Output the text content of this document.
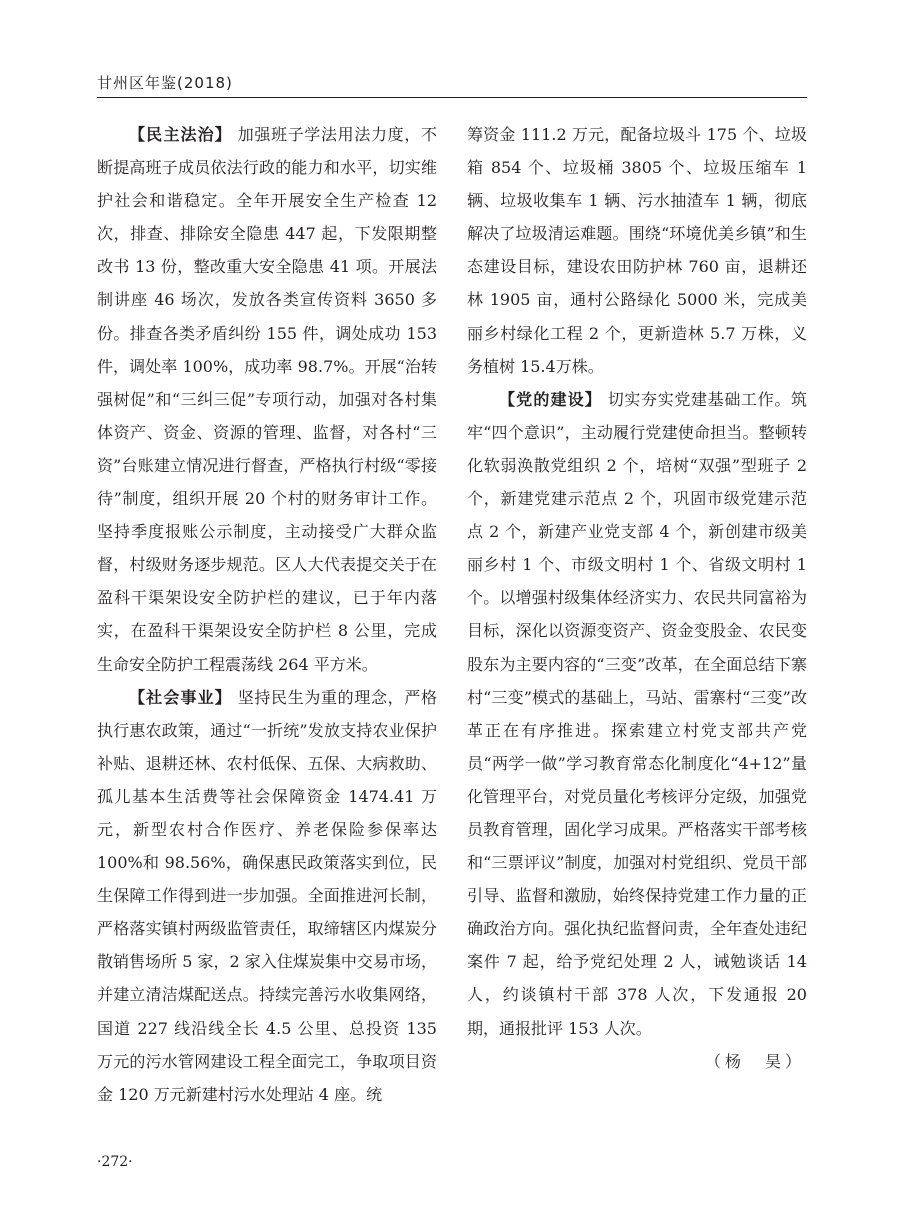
甘州区年鉴(2018)

【民主法治】 加强班子学法用法力度，不断提高班子成员依法行政的能力和水平，切实维护社会和谐稳定。全年开展安全生产检查 12 次，排查、排除安全隐患 447 起，下发限期整改书 13 份，整改重大安全隐患 41 项。开展法制讲座 46 场次，发放各类宣传资料 3650 多份。排查各类矛盾纠纷 155 件，调处成功 153 件，调处率 100%，成功率 98.7%。开展“治转强树促”和“三纠三促”专项行动，加强对各村集体资产、资金、资源的管理、监督，对各村“三资”台账建立情况进行督查，严格执行村级“零接待”制度，组织开展 20 个村的财务审计工作。坚持季度报账公示制度，主动接受广大群众监督，村级财务逐步规范。区人大代表提交关于在盈科干渠架设安全防护栏的建议，已于年内落实，在盈科干渠架设安全防护栏 8 公里，完成生命安全防护工程震荡线 264 平方米。

【社会事业】 坚持民生为重的理念，严格执行惠农政策，通过“一折统”发放支持农业保护补贴、退耕还林、农村低保、五保、大病救助、孤儿基本生活费等社会保障资金 1474.41 万元，新型农村合作医疗、养老保险参保率达 100%和 98.56%，确保惠民政策落实到位，民生保障工作得到进一步加强。全面推进河长制，严格落实镇村两级监管责任，取缔辖区内煤炭分散销售场所 5 家，2 家入住煤炭集中交易市场，并建立清洁煤配送点。持续完善污水收集网络，国道 227 线沿线全长 4.5 公里、总投资 135 万元的污水管网建设工程全面完工，争取项目资金 120 万元新建村污水处理站 4 座。统

筹资金 111.2 万元，配备垃圾斗 175 个、垃圾箱 854 个、垃圾桶 3805 个、垃圾压缩车 1 辆、垃圾收集车 1 辆、污水抽渣车 1 辆，彻底解决了垃圾清运难题。围绕“环境优美乡镇”和生态建设目标，建设农田防护林 760 亩，退耕还林 1905 亩，通村公路绿化 5000 米，完成美丽乡村绿化工程 2 个，更新造林 5.7 万株，义务植树 15.4万株。

【党的建设】 切实夯实党建基础工作。筑牢“四个意识”，主动履行党建使命担当。整顿转化软弱涣散党组织 2 个，培树“双强”型班子 2 个，新建党建示范点 2 个，巩固市级党建示范点 2 个，新建产业党支部 4 个，新创建市级美丽乡村 1 个、市级文明村 1 个、省级文明村 1 个。以增强村级集体经济实力、农民共同富裕为目标，深化以资源变资产、资金变股金、农民变股东为主要内容的“三变”改革，在全面总结下寨村“三变”模式的基础上，马站、雷寨村“三变”改革正在有序推进。探索建立村党支部共产党员“两学一做”学习教育常态化制度化“4+12”量化管理平台，对党员量化考核评分定级，加强党员教育管理，固化学习成果。严格落实干部考核和“三票评议”制度，加强对村党组织、党员干部引导、监督和激励，始终保持党建工作力量的正确政治方向。强化执纪监督问责，全年查处违纪案件 7 起，给予党纪处理 2 人，诫勉谈话 14 人，约谈镇村干部 378 人次，下发通报 20 期，通报批评 153 人次。

（杨　昊）

·272·
